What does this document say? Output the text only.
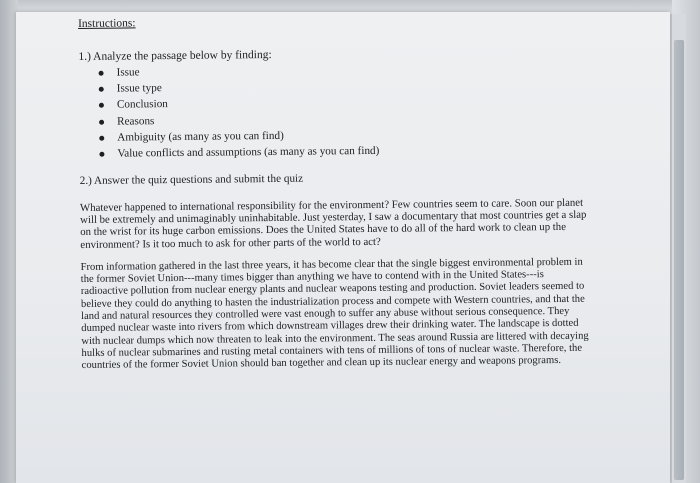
Instructions:
1.) Analyze the passage below by finding:
Issue
Issue type
Conclusion
Reasons
Ambiguity (as many as you can find)
Value conflicts and assumptions (as many as you can find)
2.) Answer the quiz questions and submit the quiz

Whatever happened to international responsibility for the environment? Few countries seem to care. Soon our planet will be extremely and unimaginably uninhabitable. Just yesterday, I saw a documentary that most countries get a slap on the wrist for its huge carbon emissions. Does the United States have to do all of the hard work to clean up the environment? Is it too much to ask for other parts of the world to act?

From information gathered in the last three years, it has become clear that the single biggest environmental problem in the former Soviet Union---many times bigger than anything we have to contend with in the United States---is radioactive pollution from nuclear energy plants and nuclear weapons testing and production. Soviet leaders seemed to believe they could do anything to hasten the industrialization process and compete with Western countries, and that the land and natural resources they controlled were vast enough to suffer any abuse without serious consequence. They dumped nuclear waste into rivers from which downstream villages drew their drinking water. The landscape is dotted with nuclear dumps which now threaten to leak into the environment. The seas around Russia are littered with decaying hulks of nuclear submarines and rusting metal containers with tens of millions of tons of nuclear waste. Therefore, the countries of the former Soviet Union should ban together and clean up its nuclear energy and weapons programs.
